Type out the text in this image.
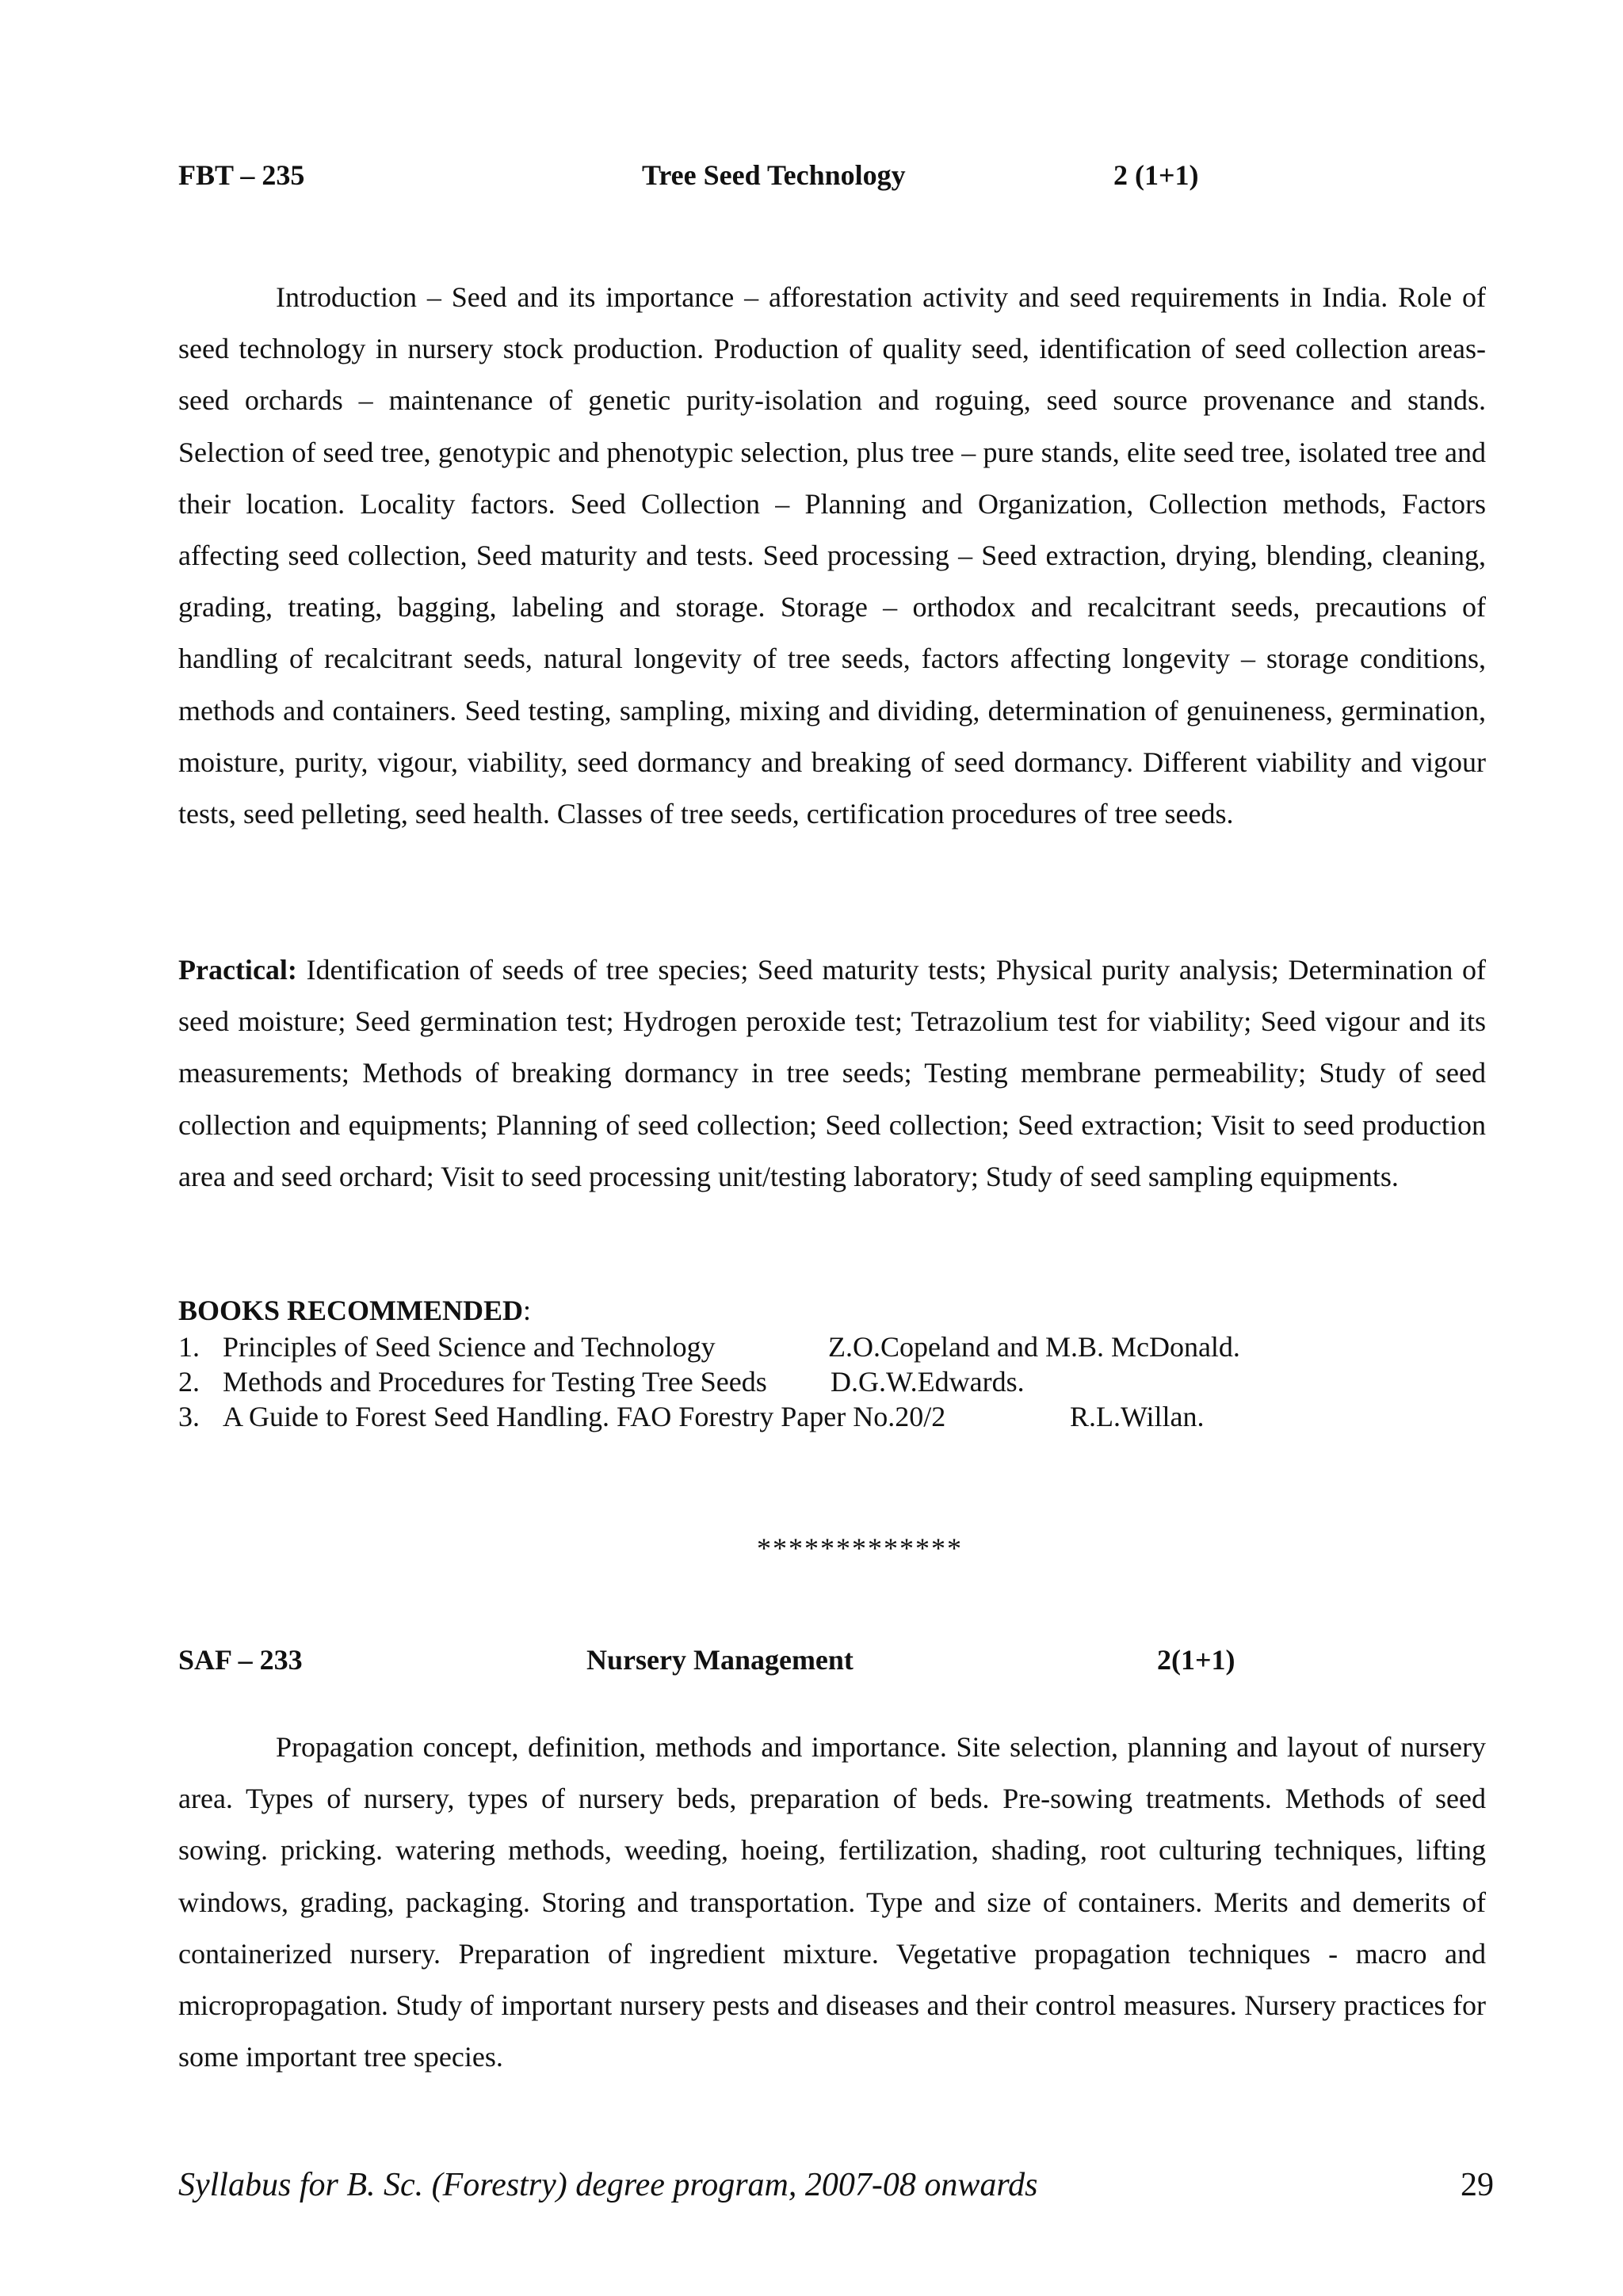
FBT – 235	Tree Seed Technology	2 (1+1)

Introduction – Seed and its importance – afforestation activity and seed requirements in India. Role of seed technology in nursery stock production. Production of quality seed, identification of seed collection areas-seed orchards – maintenance of genetic purity-isolation and roguing, seed source provenance and stands. Selection of seed tree, genotypic and phenotypic selection, plus tree – pure stands, elite seed tree, isolated tree and their location. Locality factors. Seed Collection – Planning and Organization, Collection methods, Factors affecting seed collection, Seed maturity and tests. Seed processing – Seed extraction, drying, blending, cleaning, grading, treating, bagging, labeling and storage. Storage – orthodox and recalcitrant seeds, precautions of handling of recalcitrant seeds, natural longevity of tree seeds, factors affecting longevity – storage conditions, methods and containers. Seed testing, sampling, mixing and dividing, determination of genuineness, germination, moisture, purity, vigour, viability, seed dormancy and breaking of seed dormancy. Different viability and vigour tests, seed pelleting, seed health. Classes of tree seeds, certification procedures of tree seeds.

Practical: Identification of seeds of tree species; Seed maturity tests; Physical purity analysis; Determination of seed moisture; Seed germination test; Hydrogen peroxide test; Tetrazolium test for viability; Seed vigour and its measurements; Methods of breaking dormancy in tree seeds; Testing membrane permeability; Study of seed collection and equipments; Planning of seed collection; Seed collection; Seed extraction; Visit to seed production area and seed orchard; Visit to seed processing unit/testing laboratory; Study of seed sampling equipments.

BOOKS RECOMMENDED:
1. Principles of Seed Science and Technology	Z.O.Copeland and M.B. McDonald.
2. Methods and Procedures for Testing Tree Seeds D.G.W.Edwards.
3. A Guide to Forest Seed Handling. FAO Forestry Paper No.20/2	R.L.Willan.
*************
SAF – 233	Nursery Management	2(1+1)

Propagation concept, definition, methods and importance. Site selection, planning and layout of nursery area. Types of nursery, types of nursery beds, preparation of beds. Pre-sowing treatments. Methods of seed sowing. pricking. watering methods, weeding, hoeing, fertilization, shading, root culturing techniques, lifting windows, grading, packaging. Storing and transportation. Type and size of containers. Merits and demerits of containerized nursery. Preparation of ingredient mixture. Vegetative propagation techniques - macro and micropropagation. Study of important nursery pests and diseases and their control measures. Nursery practices for some important tree species.

Syllabus for B. Sc. (Forestry) degree program, 2007-08 onwards	29
